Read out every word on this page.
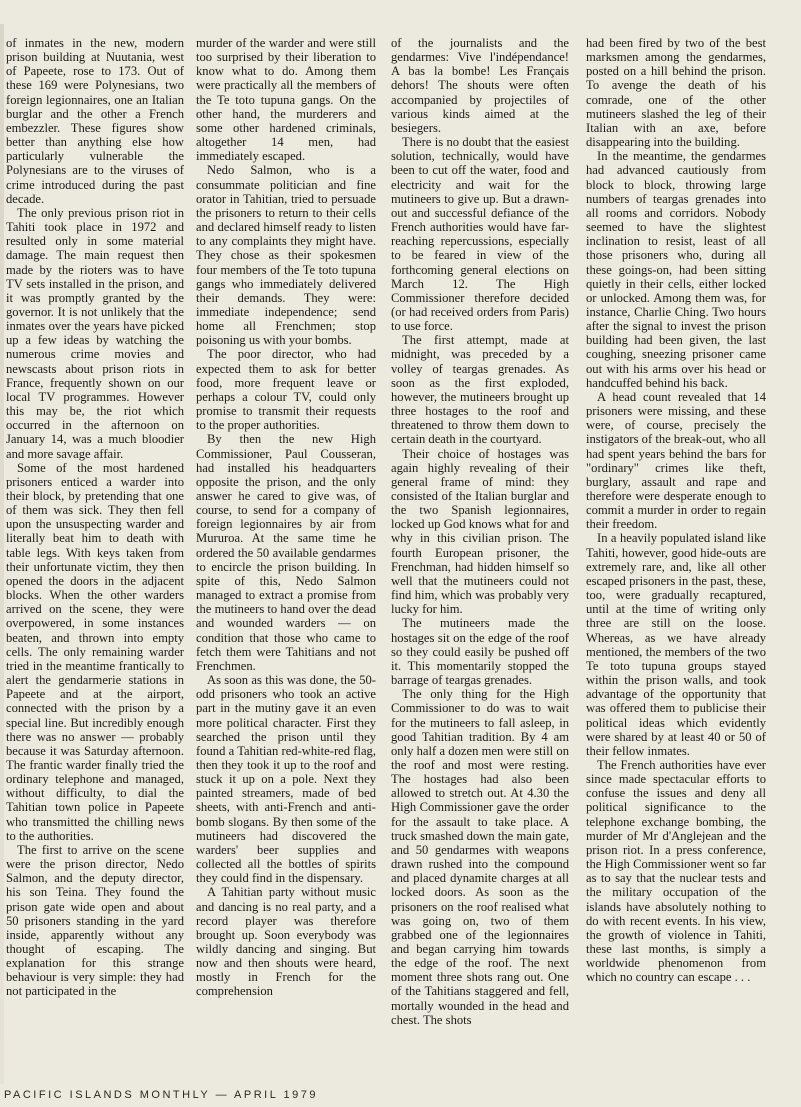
of inmates in the new, modern prison building at Nuutania, west of Papeete, rose to 173. Out of these 169 were Polynesians, two foreign legionnaires, one an Italian burglar and the other a French embezzler. These figures show better than anything else how particularly vulnerable the Polynesians are to the viruses of crime introduced during the past decade.

The only previous prison riot in Tahiti took place in 1972 and resulted only in some material damage. The main request then made by the rioters was to have TV sets installed in the prison, and it was promptly granted by the governor. It is not unlikely that the inmates over the years have picked up a few ideas by watching the numerous crime movies and newscasts about prison riots in France, frequently shown on our local TV programmes. However this may be, the riot which occurred in the afternoon on January 14, was a much bloodier and more savage affair.

Some of the most hardened prisoners enticed a warder into their block, by pretending that one of them was sick. They then fell upon the unsuspecting warder and literally beat him to death with table legs. With keys taken from their unfortunate victim, they then opened the doors in the adjacent blocks. When the other warders arrived on the scene, they were overpowered, in some instances beaten, and thrown into empty cells. The only remaining warder tried in the meantime frantically to alert the gendarmerie stations in Papeete and at the airport, connected with the prison by a special line. But incredibly enough there was no answer — probably because it was Saturday afternoon. The frantic warder finally tried the ordinary telephone and managed, without difficulty, to dial the Tahitian town police in Papeete who transmitted the chilling news to the authorities.

The first to arrive on the scene were the prison director, Nedo Salmon, and the deputy director, his son Teina. They found the prison gate wide open and about 50 prisoners standing in the yard inside, apparently without any thought of escaping. The explanation for this strange behaviour is very simple: they had not participated in the

murder of the warder and were still too surprised by their liberation to know what to do. Among them were practically all the members of the Te toto tupuna gangs. On the other hand, the murderers and some other hardened criminals, altogether 14 men, had immediately escaped.

Nedo Salmon, who is a consummate politician and fine orator in Tahitian, tried to persuade the prisoners to return to their cells and declared himself ready to listen to any complaints they might have. They chose as their spokesmen four members of the Te toto tupuna gangs who immediately delivered their demands. They were: immediate independence; send home all Frenchmen; stop poisoning us with your bombs.

The poor director, who had expected them to ask for better food, more frequent leave or perhaps a colour TV, could only promise to transmit their requests to the proper authorities.

By then the new High Commissioner, Paul Cousseran, had installed his headquarters opposite the prison, and the only answer he cared to give was, of course, to send for a company of foreign legionnaires by air from Mururoa. At the same time he ordered the 50 available gendarmes to encircle the prison building. In spite of this, Nedo Salmon managed to extract a promise from the mutineers to hand over the dead and wounded warders — on condition that those who came to fetch them were Tahitians and not Frenchmen.

As soon as this was done, the 50-odd prisoners who took an active part in the mutiny gave it an even more political character. First they searched the prison until they found a Tahitian red-white-red flag, then they took it up to the roof and stuck it up on a pole. Next they painted streamers, made of bed sheets, with anti-French and anti-bomb slogans. By then some of the mutineers had discovered the warders' beer supplies and collected all the bottles of spirits they could find in the dispensary.

A Tahitian party without music and dancing is no real party, and a record player was therefore brought up. Soon everybody was wildly dancing and singing. But now and then shouts were heard, mostly in French for the comprehension

of the journalists and the gendarmes: Vive l'indépendance! A bas la bombe! Les Français dehors! The shouts were often accompanied by projectiles of various kinds aimed at the besiegers.

There is no doubt that the easiest solution, technically, would have been to cut off the water, food and electricity and wait for the mutineers to give up. But a drawn-out and successful defiance of the French authorities would have far-reaching repercussions, especially to be feared in view of the forthcoming general elections on March 12. The High Commissioner therefore decided (or had received orders from Paris) to use force.

The first attempt, made at midnight, was preceded by a volley of teargas grenades. As soon as the first exploded, however, the mutineers brought up three hostages to the roof and threatened to throw them down to certain death in the courtyard.

Their choice of hostages was again highly revealing of their general frame of mind: they consisted of the Italian burglar and the two Spanish legionnaires, locked up God knows what for and why in this civilian prison. The fourth European prisoner, the Frenchman, had hidden himself so well that the mutineers could not find him, which was probably very lucky for him.

The mutineers made the hostages sit on the edge of the roof so they could easily be pushed off it. This momentarily stopped the barrage of teargas grenades.

The only thing for the High Commissioner to do was to wait for the mutineers to fall asleep, in good Tahitian tradition. By 4 am only half a dozen men were still on the roof and most were resting. The hostages had also been allowed to stretch out. At 4.30 the High Commissioner gave the order for the assault to take place. A truck smashed down the main gate, and 50 gendarmes with weapons drawn rushed into the compound and placed dynamite charges at all locked doors. As soon as the prisoners on the roof realised what was going on, two of them grabbed one of the legionnaires and began carrying him towards the edge of the roof. The next moment three shots rang out. One of the Tahitians staggered and fell, mortally wounded in the head and chest. The shots

had been fired by two of the best marksmen among the gendarmes, posted on a hill behind the prison. To avenge the death of his comrade, one of the other mutineers slashed the leg of their Italian with an axe, before disappearing into the building.

In the meantime, the gendarmes had advanced cautiously from block to block, throwing large numbers of teargas grenades into all rooms and corridors. Nobody seemed to have the slightest inclination to resist, least of all those prisoners who, during all these goings-on, had been sitting quietly in their cells, either locked or unlocked. Among them was, for instance, Charlie Ching. Two hours after the signal to invest the prison building had been given, the last coughing, sneezing prisoner came out with his arms over his head or handcuffed behind his back.

A head count revealed that 14 prisoners were missing, and these were, of course, precisely the instigators of the break-out, who all had spent years behind the bars for "ordinary" crimes like theft, burglary, assault and rape and therefore were desperate enough to commit a murder in order to regain their freedom.

In a heavily populated island like Tahiti, however, good hide-outs are extremely rare, and, like all other escaped prisoners in the past, these, too, were gradually recaptured, until at the time of writing only three are still on the loose. Whereas, as we have already mentioned, the members of the two Te toto tupuna groups stayed within the prison walls, and took advantage of the opportunity that was offered them to publicise their political ideas which evidently were shared by at least 40 or 50 of their fellow inmates.

The French authorities have ever since made spectacular efforts to confuse the issues and deny all political significance to the telephone exchange bombing, the murder of Mr d'Anglejean and the prison riot. In a press conference, the High Commissioner went so far as to say that the nuclear tests and the military occupation of the islands have absolutely nothing to do with recent events. In his view, the growth of violence in Tahiti, these last months, is simply a worldwide phenomenon from which no country can escape . . .

PACIFIC ISLANDS MONTHLY — APRIL 1979
